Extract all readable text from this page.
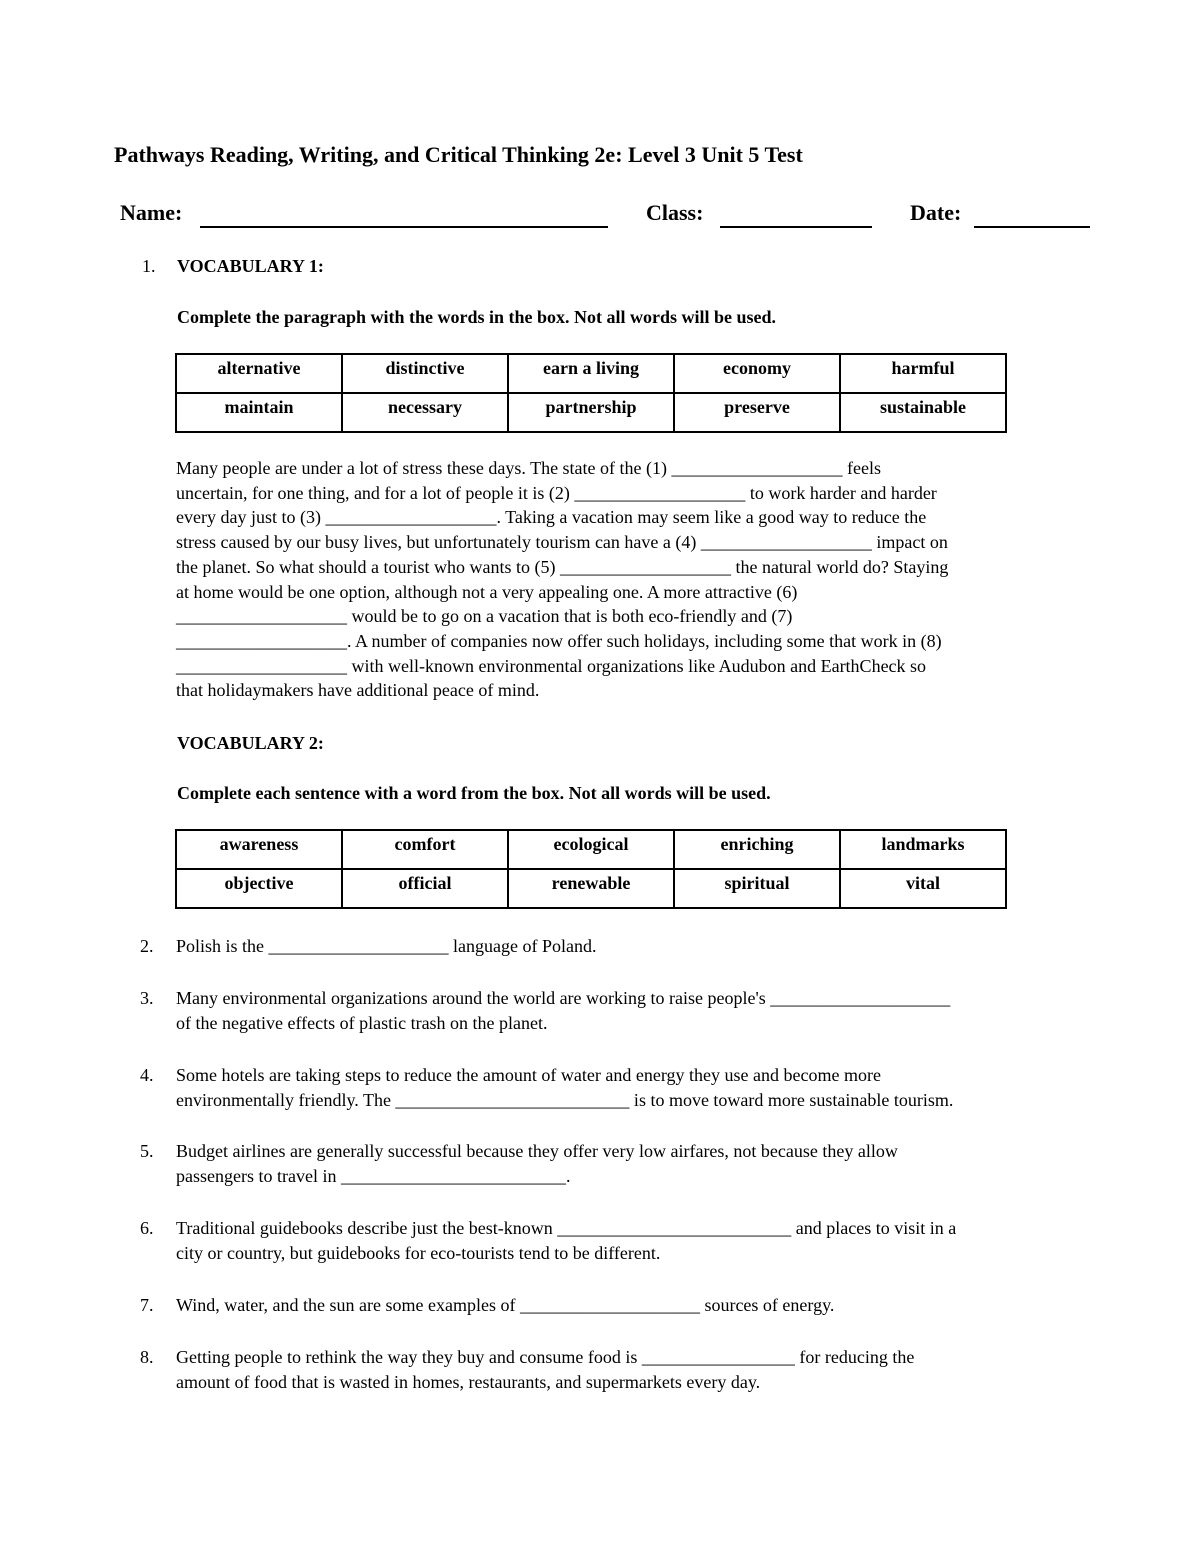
Pathways Reading, Writing, and Critical Thinking 2e: Level 3 Unit 5 Test
Name:	Class:	Date:
1. VOCABULARY 1:
Complete the paragraph with the words in the box. Not all words will be used.
alternative	distinctive	earn a living	economy	harmful
maintain	necessary	partnership	preserve	sustainable
Many people are under a lot of stress these days. The state of the (1) ___________________ feels
uncertain, for one thing, and for a lot of people it is (2) ___________________ to work harder and harder
every day just to (3) ___________________. Taking a vacation may seem like a good way to reduce the
stress caused by our busy lives, but unfortunately tourism can have a (4) ___________________ impact on
the planet. So what should a tourist who wants to (5) ___________________ the natural world do? Staying
at home would be one option, although not a very appealing one. A more attractive (6)
___________________ would be to go on a vacation that is both eco-friendly and (7)
___________________. A number of companies now offer such holidays, including some that work in (8)
___________________ with well-known environmental organizations like Audubon and EarthCheck so
that holidaymakers have additional peace of mind.
VOCABULARY 2:
Complete each sentence with a word from the box. Not all words will be used.
awareness	comfort	ecological	enriching	landmarks
objective	official	renewable	spiritual	vital
2. Polish is the ____________________ language of Poland.
3. Many environmental organizations around the world are working to raise people's ____________________
of the negative effects of plastic trash on the planet.
4. Some hotels are taking steps to reduce the amount of water and energy they use and become more
environmentally friendly. The __________________________ is to move toward more sustainable tourism.
5. Budget airlines are generally successful because they offer very low airfares, not because they allow
passengers to travel in _________________________.
6. Traditional guidebooks describe just the best-known __________________________ and places to visit in a
city or country, but guidebooks for eco-tourists tend to be different.
7. Wind, water, and the sun are some examples of ____________________ sources of energy.
8. Getting people to rethink the way they buy and consume food is _________________ for reducing the
amount of food that is wasted in homes, restaurants, and supermarkets every day.
